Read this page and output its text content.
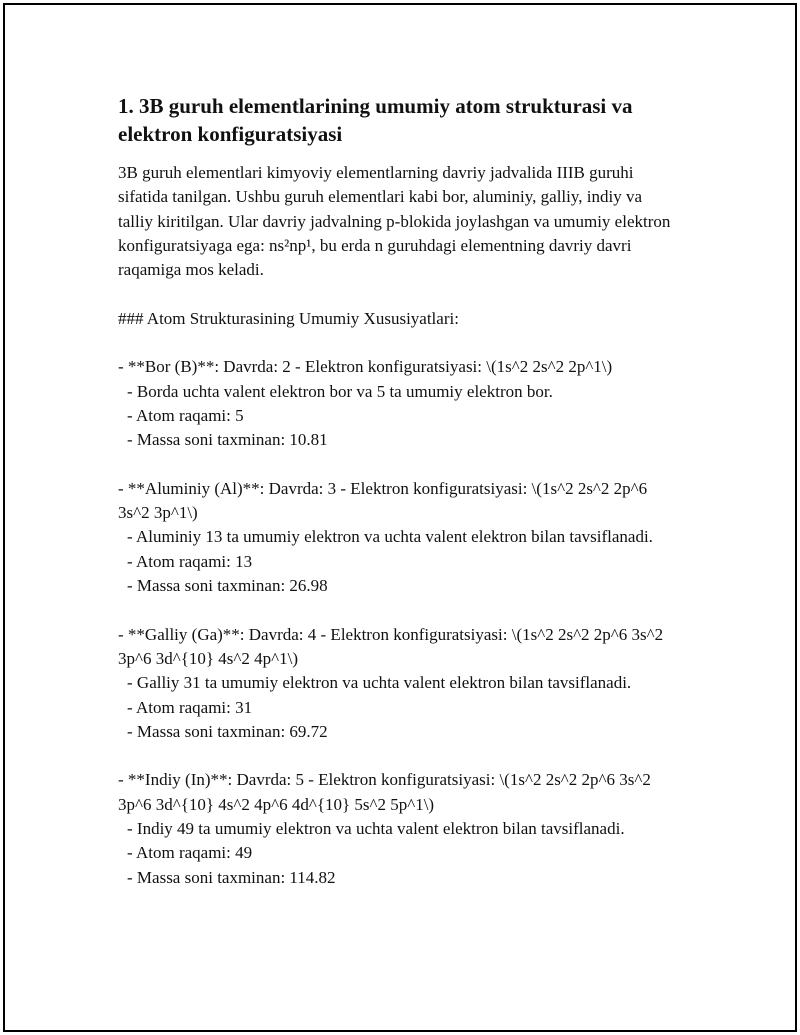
1. 3B guruh elementlarining umumiy atom strukturasi va elektron konfiguratsiyasi

3B guruh elementlari kimyoviy elementlarning davriy jadvalida IIIB guruhi sifatida tanilgan. Ushbu guruh elementlari kabi bor, aluminiy, galliy, indiy va talliy kiritilgan. Ular davriy jadvalning p-blokida joylashgan va umumiy elektron konfiguratsiyaga ega: ns²np¹, bu erda n guruhdagi elementning davriy davri raqamiga mos keladi.

### Atom Strukturasining Umumiy Xususiyatlari:

- **Bor (B)**: Davrda: 2 - Elektron konfiguratsiyasi: \(1s^2 2s^2 2p^1\)
- Borda uchta valent elektron bor va 5 ta umumiy elektron bor.
- Atom raqami: 5
- Massa soni taxminan: 10.81
- **Aluminiy (Al)**: Davrda: 3 - Elektron konfiguratsiyasi: \(1s^2 2s^2 2p^6 3s^2 3p^1\)
- Aluminiy 13 ta umumiy elektron va uchta valent elektron bilan tavsiflanadi.
- Atom raqami: 13
- Massa soni taxminan: 26.98
- **Galliy (Ga)**: Davrda: 4 - Elektron konfiguratsiyasi: \(1s^2 2s^2 2p^6 3s^2 3p^6 3d^{10} 4s^2 4p^1\)
- Galliy 31 ta umumiy elektron va uchta valent elektron bilan tavsiflanadi.
- Atom raqami: 31
- Massa soni taxminan: 69.72
- **Indiy (In)**: Davrda: 5 - Elektron konfiguratsiyasi: \(1s^2 2s^2 2p^6 3s^2 3p^6 3d^{10} 4s^2 4p^6 4d^{10} 5s^2 5p^1\)
- Indiy 49 ta umumiy elektron va uchta valent elektron bilan tavsiflanadi.
- Atom raqami: 49
- Massa soni taxminan: 114.82
